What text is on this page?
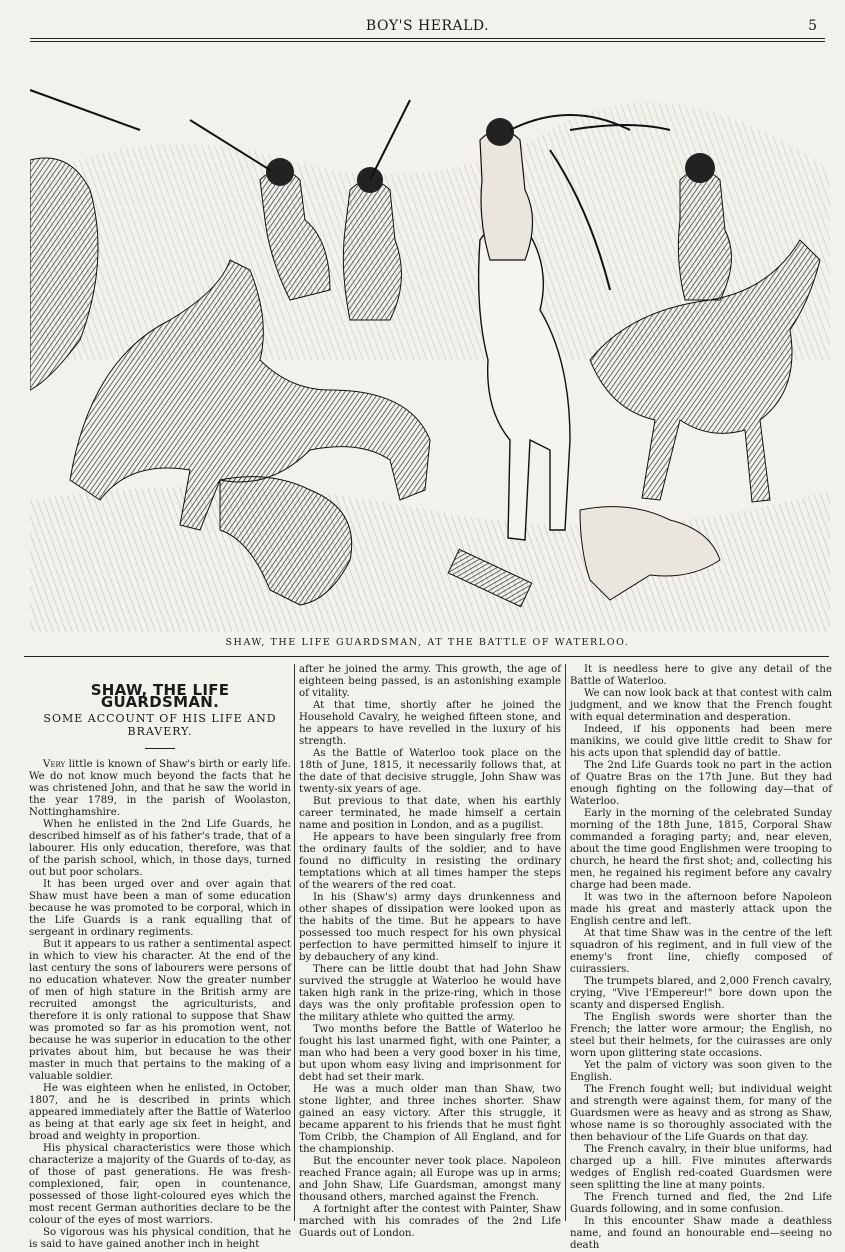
BOY'S HERALD.	5
SHAW, THE LIFE GUARDSMAN, AT THE BATTLE OF WATERLOO.
SHAW, THE LIFE GUARDSMAN.
SOME ACCOUNT OF HIS LIFE AND BRAVERY.

Very little is known of Shaw's birth or early life. We do not know much beyond the facts that he was christened John, and that he saw the world in the year 1789, in the parish of Woolaston, Nottinghamshire.

When he enlisted in the 2nd Life Guards, he described himself as of his father's trade, that of a labourer. His only education, therefore, was that of the parish school, which, in those days, turned out but poor scholars.

It has been urged over and over again that Shaw must have been a man of some education because he was promoted to be corporal, which in the Life Guards is a rank equalling that of sergeant in ordinary regiments.

But it appears to us rather a sentimental aspect in which to view his character. At the end of the last century the sons of labourers were persons of no education whatever. Now the greater number of men of high stature in the British army are recruited amongst the agriculturists, and therefore it is only rational to suppose that Shaw was promoted so far as his promotion went, not because he was superior in education to the other privates about him, but because he was their master in much that pertains to the making of a valuable soldier.

He was eighteen when he enlisted, in October, 1807, and he is described in prints which appeared immediately after the Battle of Waterloo as being at that early age six feet in height, and broad and weighty in proportion.

His physical characteristics were those which characterize a majority of the Guards of to-day, as of those of past generations. He was fresh-complexioned, fair, open in countenance, possessed of those light-coloured eyes which the most recent German authorities declare to be the colour of the eyes of most warriors.

So vigorous was his physical condition, that he is said to have gained another inch in height

after he joined the army. This growth, the age of eighteen being passed, is an astonishing example of vitality.

At that time, shortly after he joined the Household Cavalry, he weighed fifteen stone, and he appears to have revelled in the luxury of his strength.

As the Battle of Waterloo took place on the 18th of June, 1815, it necessarily follows that, at the date of that decisive struggle, John Shaw was twenty-six years of age.

But previous to that date, when his earthly career terminated, he made himself a certain name and position in London, and as a pugilist.

He appears to have been singularly free from the ordinary faults of the soldier, and to have found no difficulty in resisting the ordinary temptations which at all times hamper the steps of the wearers of the red coat.

In his (Shaw's) army days drunkenness and other shapes of dissipation were looked upon as the habits of the time. But he appears to have possessed too much respect for his own physical perfection to have permitted himself to injure it by debauchery of any kind.

There can be little doubt that had John Shaw survived the struggle at Waterloo he would have taken high rank in the prize-ring, which in those days was the only profitable profession open to the military athlete who quitted the army.

Two months before the Battle of Waterloo he fought his last unarmed fight, with one Painter, a man who had been a very good boxer in his time, but upon whom easy living and imprisonment for debt had set their mark.

He was a much older man than Shaw, two stone lighter, and three inches shorter. Shaw gained an easy victory. After this struggle, it became apparent to his friends that he must fight Tom Cribb, the Champion of All England, and for the championship.

But the encounter never took place. Napoleon reached France again; all Europe was up in arms; and John Shaw, Life Guardsman, amongst many thousand others, marched against the French.

A fortnight after the contest with Painter, Shaw marched with his comrades of the 2nd Life Guards out of London.

It is needless here to give any detail of the Battle of Waterloo.

We can now look back at that contest with calm judgment, and we know that the French fought with equal determination and desperation.

Indeed, if his opponents had been mere manikins, we could give little credit to Shaw for his acts upon that splendid day of battle.

The 2nd Life Guards took no part in the action of Quatre Bras on the 17th June. But they had enough fighting on the following day—that of Waterloo.

Early in the morning of the celebrated Sunday morning of the 18th June, 1815, Corporal Shaw commanded a foraging party; and, near eleven, about the time good Englishmen were trooping to church, he heard the first shot; and, collecting his men, he regained his regiment before any cavalry charge had been made.

It was two in the afternoon before Napoleon made his great and masterly attack upon the English centre and left.

At that time Shaw was in the centre of the left squadron of his regiment, and in full view of the enemy's front line, chiefly composed of cuirassiers.

The trumpets blared, and 2,000 French cavalry, crying, "Vive l'Empereur!" bore down upon the scanty and dispersed English.

The English swords were shorter than the French; the latter wore armour; the English, no steel but their helmets, for the cuirasses are only worn upon glittering state occasions.

Yet the palm of victory was soon given to the English.

The French fought well; but individual weight and strength were against them, for many of the Guardsmen were as heavy and as strong as Shaw, whose name is so thoroughly associated with the then behaviour of the Life Guards on that day.

The French cavalry, in their blue uniforms, had charged up a hill. Five minutes afterwards wedges of English red-coated Guardsmen were seen splitting the line at many points.

The French turned and fled, the 2nd Life Guards following, and in some confusion.

In this encounter Shaw made a deathless name, and found an honourable end—seeing no death
